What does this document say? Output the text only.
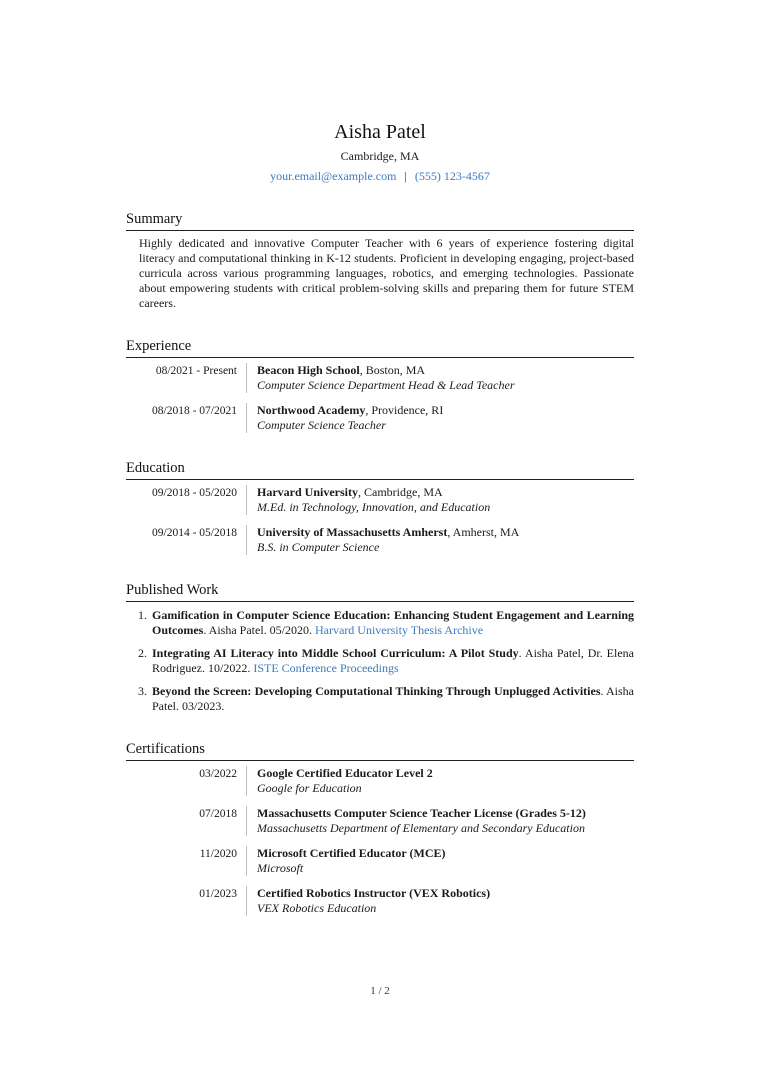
Aisha Patel
Cambridge, MA
your.email@example.com | (555) 123-4567
Summary

Highly dedicated and innovative Computer Teacher with 6 years of experience fostering digital literacy and computational thinking in K-12 students. Proficient in developing engaging, project-based curricula across various programming languages, robotics, and emerging technologies. Passionate about empowering students with critical problem-solving skills and preparing them for future STEM careers.

Experience
08/2021 - Present Beacon High School, Boston, MA
Computer Science Department Head & Lead Teacher
08/2018 - 07/2021 Northwood Academy, Providence, RI
Computer Science Teacher
Education
09/2018 - 05/2020 Harvard University, Cambridge, MA
M.Ed. in Technology, Innovation, and Education
09/2014 - 05/2018 University of Massachusetts Amherst, Amherst, MA
B.S. in Computer Science
Published Work
1. Gamification in Computer Science Education: Enhancing Student Engagement and Learning Outcomes. Aisha Patel. 05/2020. Harvard University Thesis Archive
2. Integrating AI Literacy into Middle School Curriculum: A Pilot Study. Aisha Patel, Dr. Elena Rodriguez. 10/2022. ISTE Conference Proceedings
3. Beyond the Screen: Developing Computational Thinking Through Unplugged Activities. Aisha Patel. 03/2023.
Certifications
03/2022 Google Certified Educator Level 2
Google for Education
07/2018 Massachusetts Computer Science Teacher License (Grades 5-12)
Massachusetts Department of Elementary and Secondary Education
11/2020 Microsoft Certified Educator (MCE)
Microsoft
01/2023 Certified Robotics Instructor (VEX Robotics)
VEX Robotics Education
1 / 2
